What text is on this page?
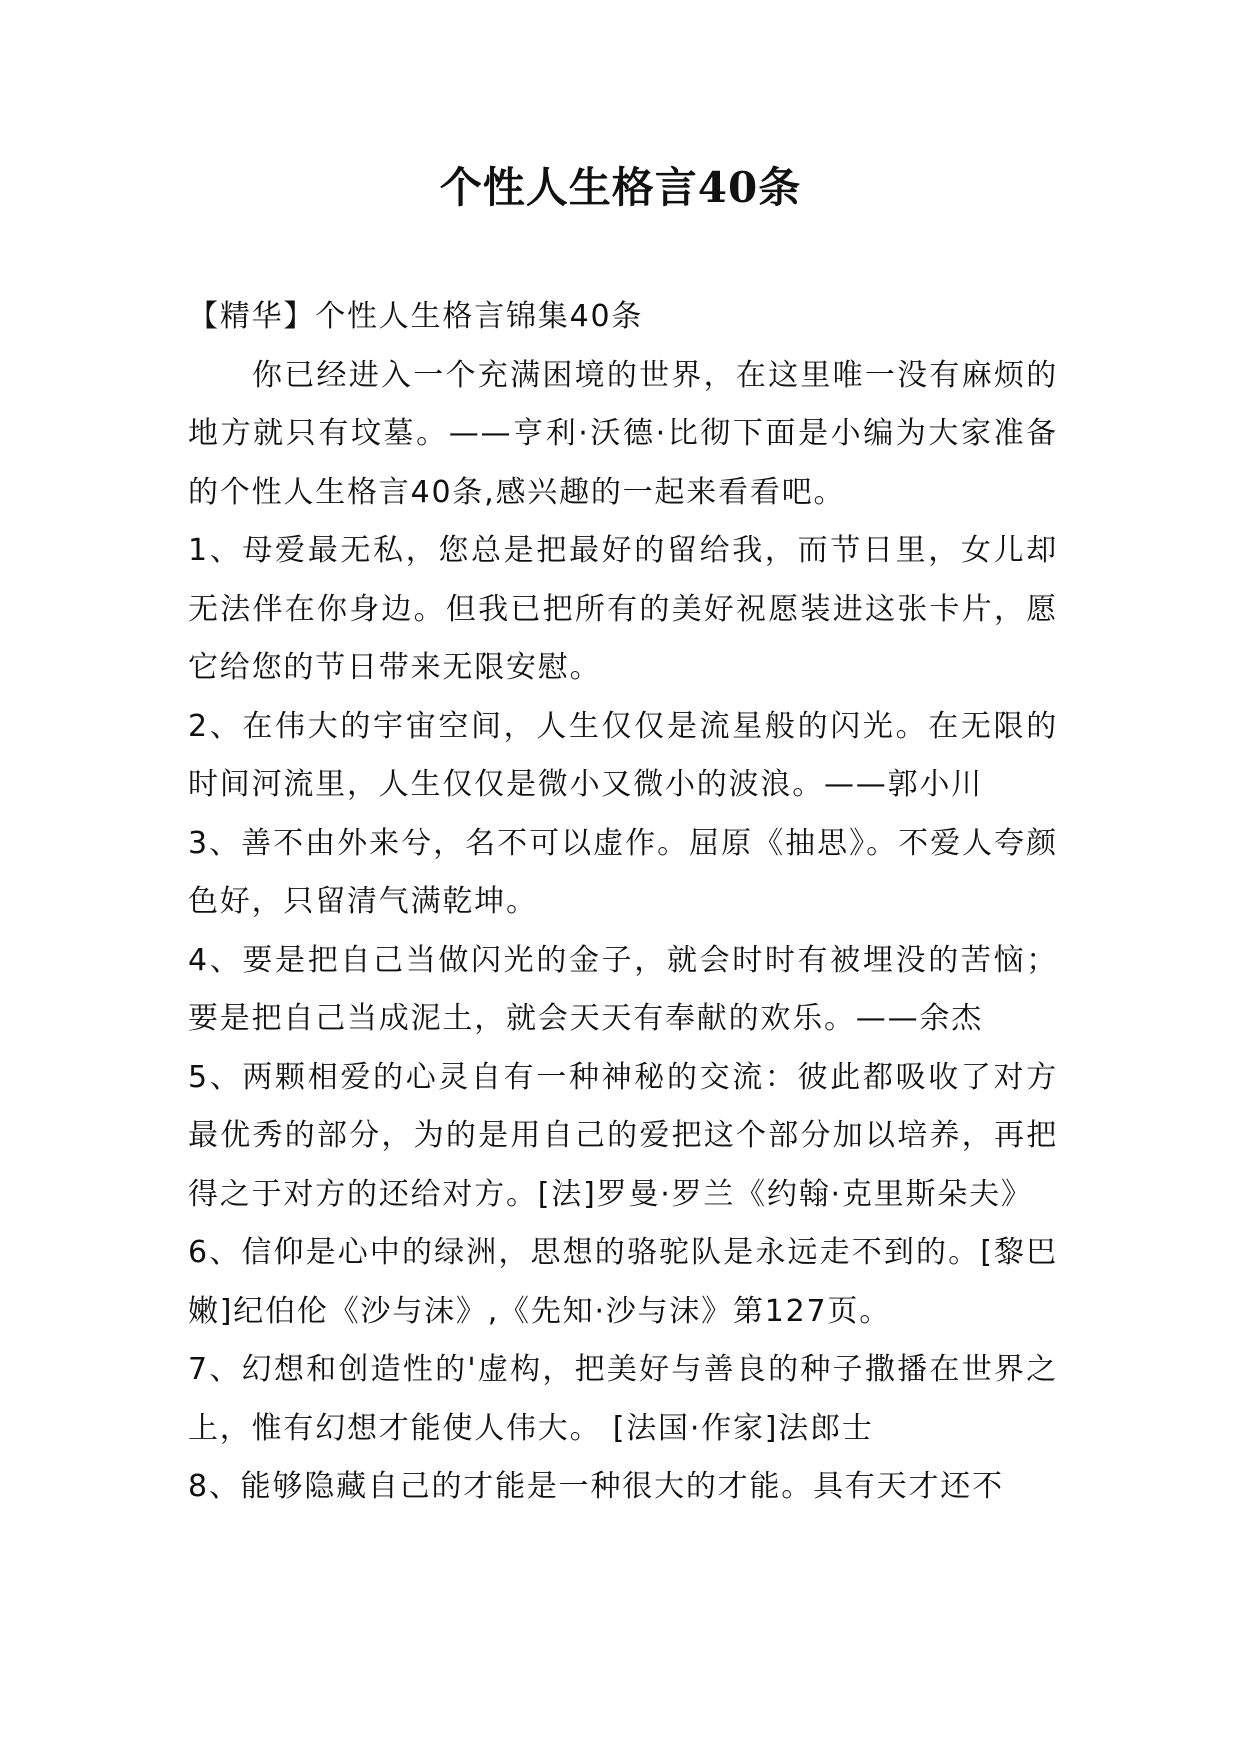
个性人生格言40条

【精华】个性人生格言锦集40条

你已经进入一个充满困境的世界，在这里唯一没有麻烦的地方就只有坟墓。——亨利·沃德·比彻下面是小编为大家准备的个性人生格言40条,感兴趣的一起来看看吧。

1、母爱最无私，您总是把最好的留给我，而节日里，女儿却无法伴在你身边。但我已把所有的美好祝愿装进这张卡片，愿它给您的节日带来无限安慰。

2、在伟大的宇宙空间，人生仅仅是流星般的闪光。在无限的时间河流里，人生仅仅是微小又微小的波浪。——郭小川

3、善不由外来兮，名不可以虚作。屈原《抽思》。不爱人夸颜色好，只留清气满乾坤。

4、要是把自己当做闪光的金子，就会时时有被埋没的苦恼；要是把自己当成泥土，就会天天有奉献的欢乐。——余杰

5、两颗相爱的心灵自有一种神秘的交流：彼此都吸收了对方最优秀的部分，为的是用自己的爱把这个部分加以培养，再把得之于对方的还给对方。[法]罗曼·罗兰《约翰·克里斯朵夫》

6、信仰是心中的绿洲，思想的骆驼队是永远走不到的。[黎巴嫩]纪伯伦《沙与沫》,《先知·沙与沫》第127页。

7、幻想和创造性的'虚构，把美好与善良的种子撒播在世界之上，惟有幻想才能使人伟大。 [法国·作家]法郎士

8、能够隐藏自己的才能是一种很大的才能。具有天才还不
